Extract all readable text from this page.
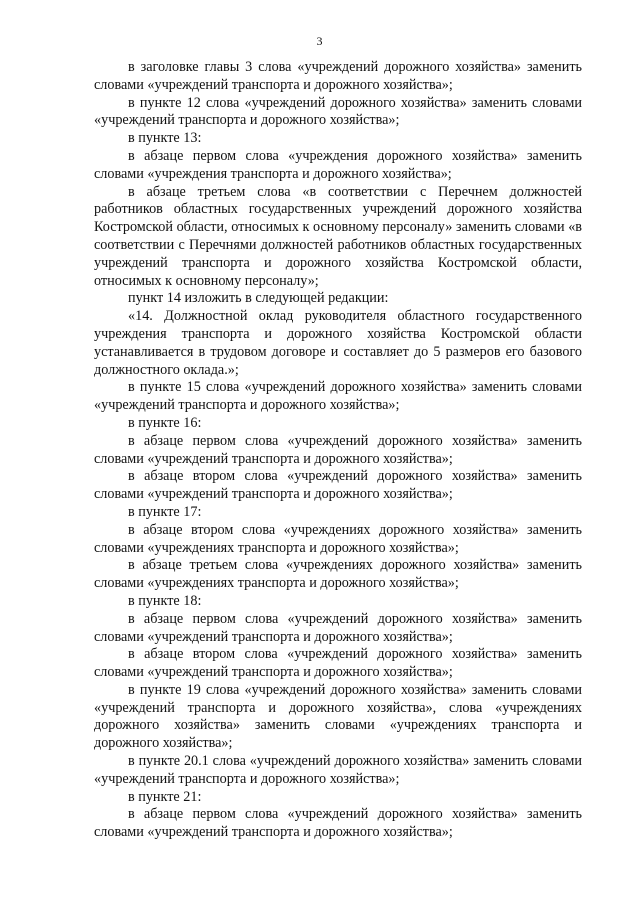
3

в заголовке главы 3 слова «учреждений дорожного хозяйства» заменить словами «учреждений транспорта и дорожного хозяйства»;

в пункте 12 слова «учреждений дорожного хозяйства» заменить словами «учреждений транспорта и дорожного хозяйства»;

в пункте 13:

в абзаце первом слова «учреждения дорожного хозяйства» заменить словами «учреждения транспорта и дорожного хозяйства»;

в абзаце третьем слова «в соответствии с Перечнем должностей работников областных государственных учреждений дорожного хозяйства Костромской области, относимых к основному персоналу» заменить словами «в соответствии с Перечнями должностей работников областных государственных учреждений транспорта и дорожного хозяйства Костромской области, относимых к основному персоналу»;

пункт 14 изложить в следующей редакции:

«14. Должностной оклад руководителя областного государственного учреждения транспорта и дорожного хозяйства Костромской области устанавливается в трудовом договоре и составляет до 5 размеров его базового должностного оклада.»;

в пункте 15 слова «учреждений дорожного хозяйства» заменить словами «учреждений транспорта и дорожного хозяйства»;

в пункте 16:

в абзаце первом слова «учреждений дорожного хозяйства» заменить словами «учреждений транспорта и дорожного хозяйства»;

в абзаце втором слова «учреждений дорожного хозяйства» заменить словами «учреждений транспорта и дорожного хозяйства»;

в пункте 17:

в абзаце втором слова «учреждениях дорожного хозяйства» заменить словами «учреждениях транспорта и дорожного хозяйства»;

в абзаце третьем слова «учреждениях дорожного хозяйства» заменить словами «учреждениях транспорта и дорожного хозяйства»;

в пункте 18:

в абзаце первом слова «учреждений дорожного хозяйства» заменить словами «учреждений транспорта и дорожного хозяйства»;

в абзаце втором слова «учреждений дорожного хозяйства» заменить словами «учреждений транспорта и дорожного хозяйства»;

в пункте 19 слова «учреждений дорожного хозяйства» заменить словами «учреждений транспорта и дорожного хозяйства», слова «учреждениях дорожного хозяйства» заменить словами «учреждениях транспорта и дорожного хозяйства»;

в пункте 20.1 слова «учреждений дорожного хозяйства» заменить словами «учреждений транспорта и дорожного хозяйства»;

в пункте 21:

в абзаце первом слова «учреждений дорожного хозяйства» заменить словами «учреждений транспорта и дорожного хозяйства»;
